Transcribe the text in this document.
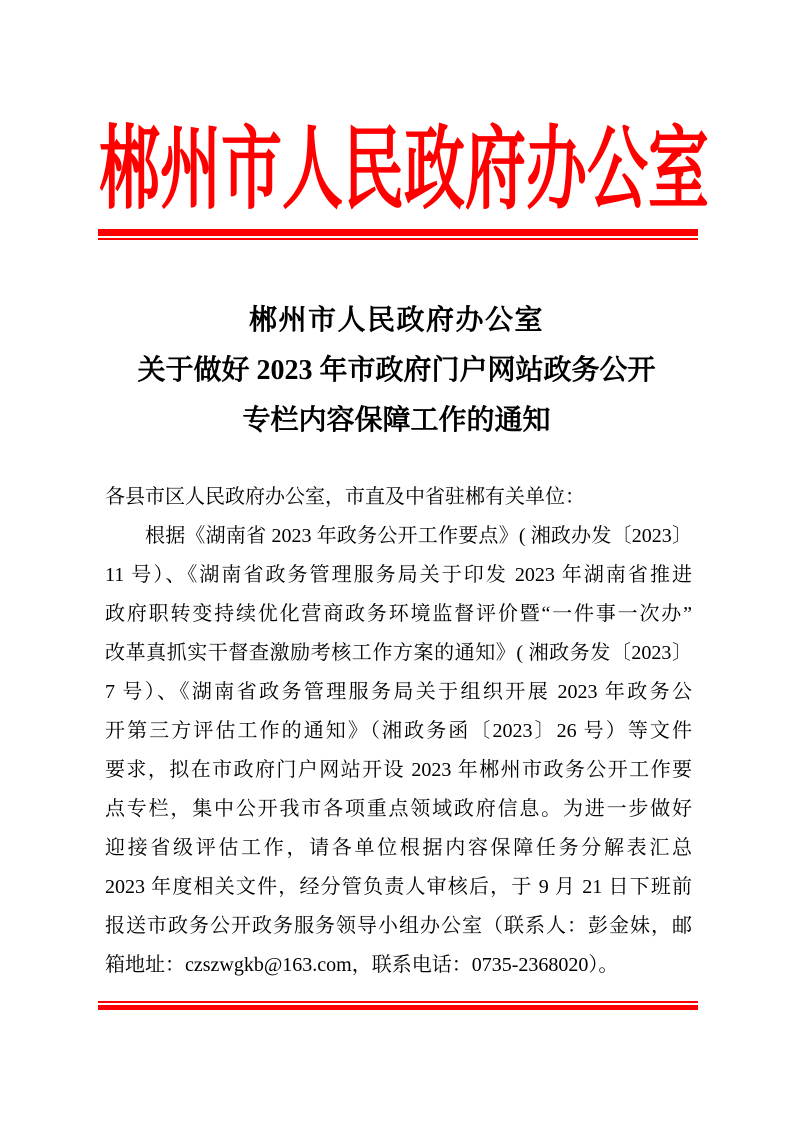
郴州市人民政府办公室
郴州市人民政府办公室
关于做好 2023 年市政府门户网站政务公开
专栏内容保障工作的通知
各县市区人民政府办公室，市直及中省驻郴有关单位：
根据《湖南省 2023 年政务公开工作要点》( 湘政办发〔2023〕
11 号）、《湖南省政务管理服务局关于印发 2023 年湖南省推进
政府职转变持续优化营商政务环境监督评价暨“一件事一次办”
改革真抓实干督查激励考核工作方案的通知》( 湘政务发〔2023〕
7 号）、《湖南省政务管理服务局关于组织开展 2023 年政务公
开第三方评估工作的通知》（湘政务函〔2023〕26 号）等文件
要求，拟在市政府门户网站开设 2023 年郴州市政务公开工作要
点专栏，集中公开我市各项重点领域政府信息。为进一步做好
迎接省级评估工作，请各单位根据内容保障任务分解表汇总
2023 年度相关文件，经分管负责人审核后，于 9 月 21 日下班前
报送市政务公开政务服务领导小组办公室（联系人：彭金妹，邮
箱地址：czszwgkb@163.com，联系电话：0735-2368020）。
